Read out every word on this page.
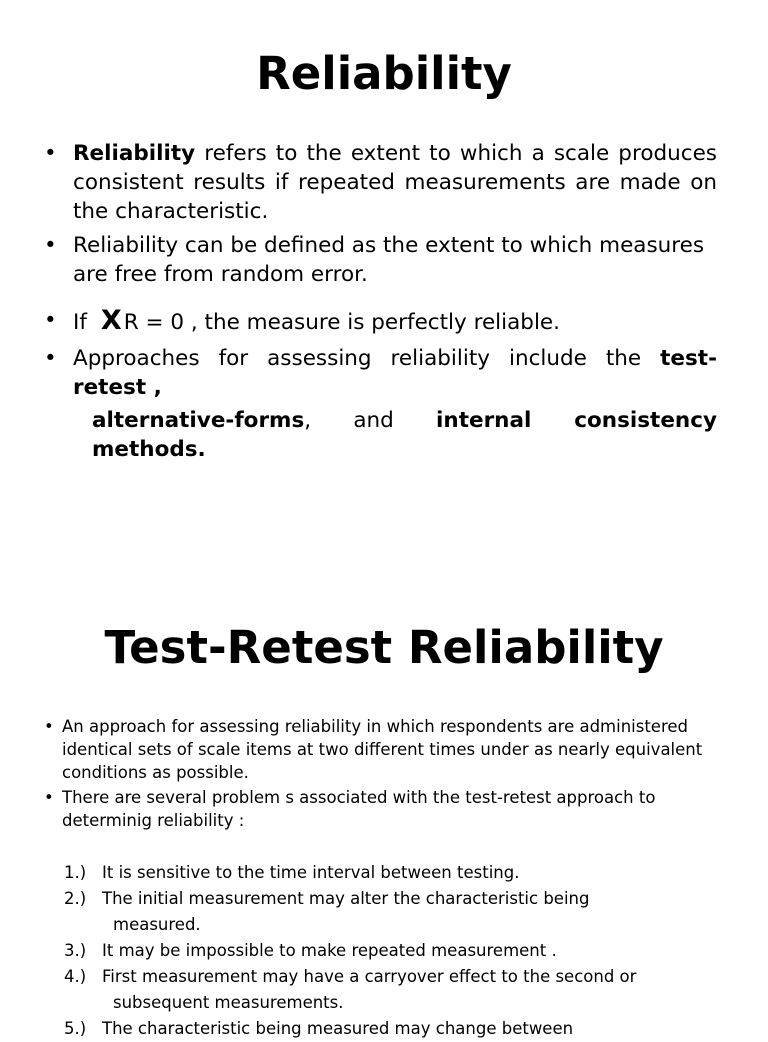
Reliability
• Reliability refers to the extent to which a scale produces consistent results if repeated measurements are made on the characteristic.
• Reliability can be defined as the extent to which measures are free from random error.
• If XR = 0 , the measure is perfectly reliable.
• Approaches for assessing reliability include the test-retest ,
alternative-forms, and internal consistency methods.
Test-Retest Reliability
• An approach for assessing reliability in which respondents are administered identical sets of scale items at two different times under as nearly equivalent conditions as possible.
• There are several problem s associated with the test-retest approach to determinig reliability :
1.) It is sensitive to the time interval between testing.
2.) The initial measurement may alter the characteristic being
measured.
3.) It may be impossible to make repeated measurement .
4.) First measurement may have a carryover effect to the second or
subsequent measurements.
5.) The characteristic being measured may change between
